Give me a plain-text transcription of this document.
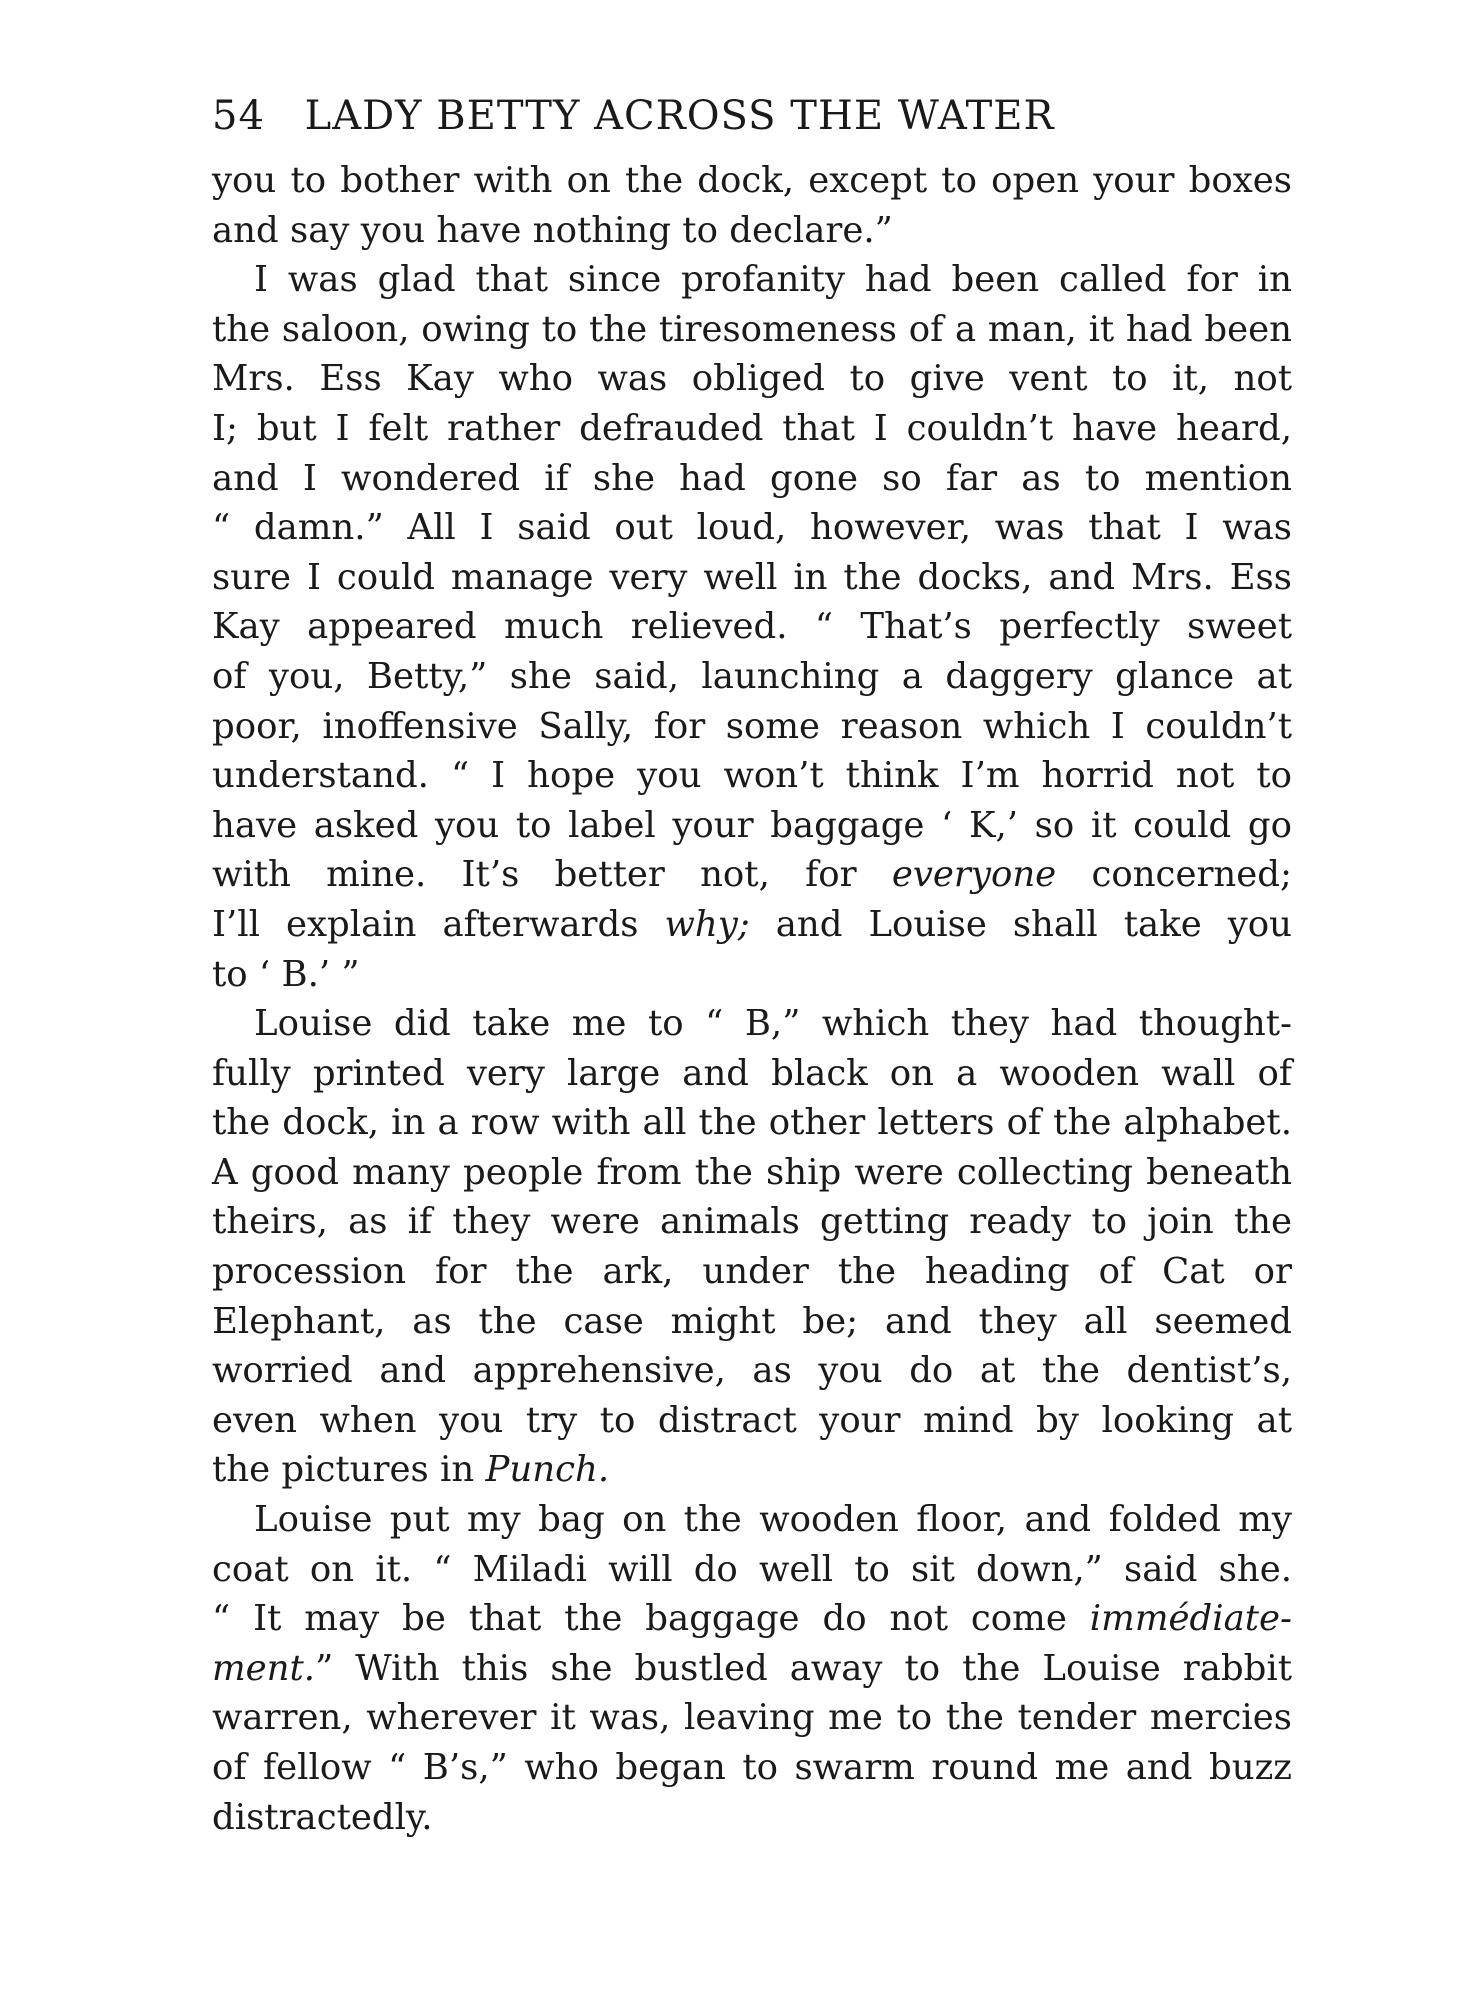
54 LADY BETTY ACROSS THE WATER
you to bother with on the dock, except to open your boxes
and say you have nothing to declare.”
I was glad that since profanity had been called for in
the saloon, owing to the tiresomeness of a man, it had been
Mrs. Ess Kay who was obliged to give vent to it, not
I; but I felt rather defrauded that I couldn’t have heard,
and I wondered if she had gone so far as to mention
“ damn.” All I said out loud, however, was that I was
sure I could manage very well in the docks, and Mrs. Ess
Kay appeared much relieved. “ That’s perfectly sweet
of you, Betty,” she said, launching a daggery glance at
poor, inoffensive Sally, for some reason which I couldn’t
understand. “ I hope you won’t think I’m horrid not to
have asked you to label your baggage ‘ K,’ so it could go
with mine. It’s better not, for everyone concerned;
I’ll explain afterwards why; and Louise shall take you
to ‘ B.’ ”
Louise did take me to “ B,” which they had thought-
fully printed very large and black on a wooden wall of
the dock, in a row with all the other letters of the alphabet.
A good many people from the ship were collecting beneath
theirs, as if they were animals getting ready to join the
procession for the ark, under the heading of Cat or
Elephant, as the case might be; and they all seemed
worried and apprehensive, as you do at the dentist’s,
even when you try to distract your mind by looking at
the pictures in Punch.
Louise put my bag on the wooden floor, and folded my
coat on it. “ Miladi will do well to sit down,” said she.
“ It may be that the baggage do not come immédiate-
ment.” With this she bustled away to the Louise rabbit
warren, wherever it was, leaving me to the tender mercies
of fellow “ B’s,” who began to swarm round me and buzz
distractedly.
